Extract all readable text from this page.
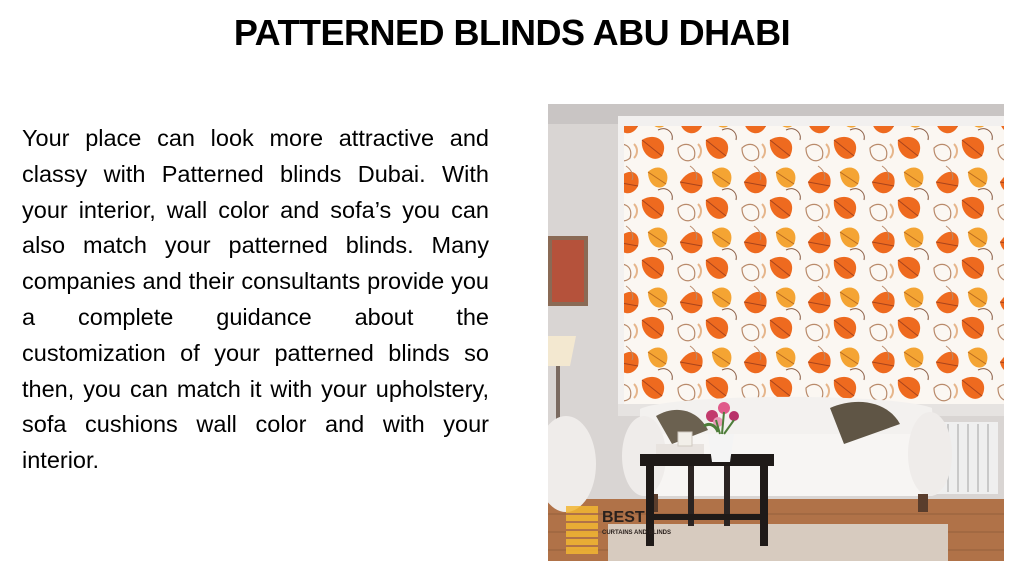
PATTERNED BLINDS ABU DHABI

Your place can look more attractive and classy with Patterned blinds Dubai. With your interior, wall color and sofa’s you can also match your patterned blinds. Many companies and their consultants provide you a complete guidance about the customization of your patterned blinds so then, you can match it with your upholstery, sofa cushions wall color and with your interior.

BEST
CURTAINS AND BLINDS
